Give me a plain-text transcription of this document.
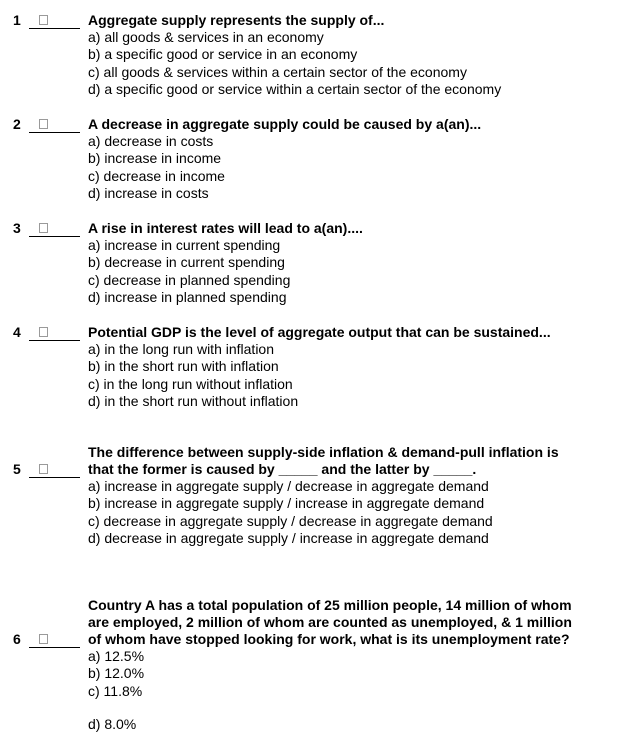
1	Aggregate supply represents the supply of...
a) all goods & services in an economy
b) a specific good or service in an economy
c) all goods & services within a certain sector of the economy
d) a specific good or service within a certain sector of the economy
2	A decrease in aggregate supply could be caused by a(an)...
a) decrease in costs
b) increase in income
c) decrease in income
d) increase in costs
3	A rise in interest rates will lead to a(an)....
a) increase in current spending
b) decrease in current spending
c) decrease in planned spending
d) increase in planned spending
4	Potential GDP is the level of aggregate output that can be sustained...
a) in the long run with inflation
b) in the short run with inflation
c) in the long run without inflation
d) in the short run without inflation
5
The difference between supply-side inflation & demand-pull inflation is
that the former is caused by _____ and the latter by _____.
a) increase in aggregate supply / decrease in aggregate demand
b) increase in aggregate supply / increase in aggregate demand
c) decrease in aggregate supply / decrease in aggregate demand
d) decrease in aggregate supply / increase in aggregate demand
6
Country A has a total population of 25 million people, 14 million of whom
are employed, 2 million of whom are counted as unemployed, & 1 million
of whom have stopped looking for work, what is its unemployment rate?
a) 12.5%
b) 12.0%
c) 11.8%
d) 8.0%
